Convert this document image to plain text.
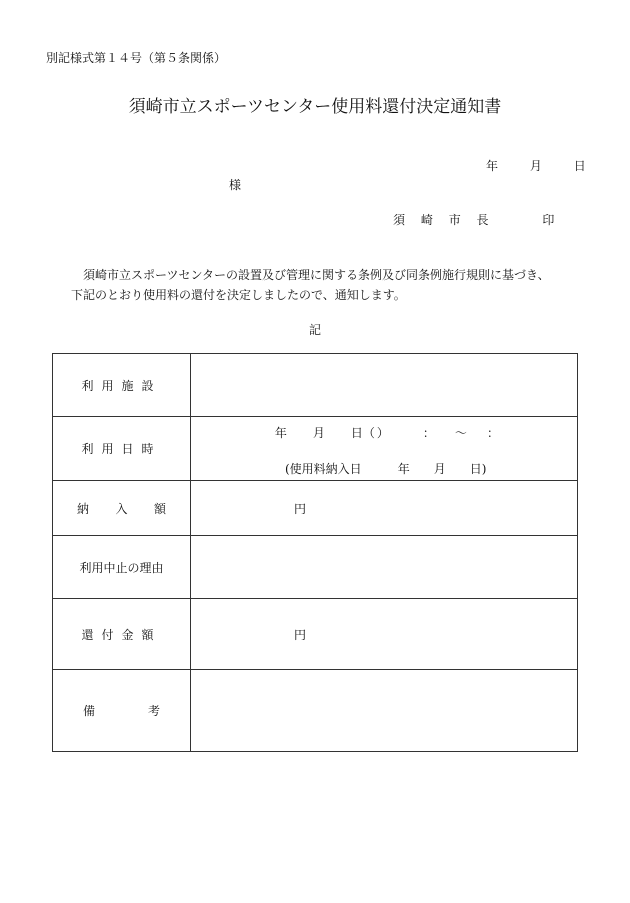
別記様式第１４号（第５条関係）
須崎市立スポーツセンター使用料還付決定通知書
年	月	日
様
須 崎 市 長	印
須崎市立スポーツセンターの設置及び管理に関する条例及び同条例施行規則に基づき、
下記のとおり使用料の還付を決定しましたので、通知します。
記
利用施設	
利用日時	年 月 日（ ） ： ～ ：
(使用料納入日 年 月 日)

納 入 額	円
利用中止の理由	
還付金額	円

備 考	
